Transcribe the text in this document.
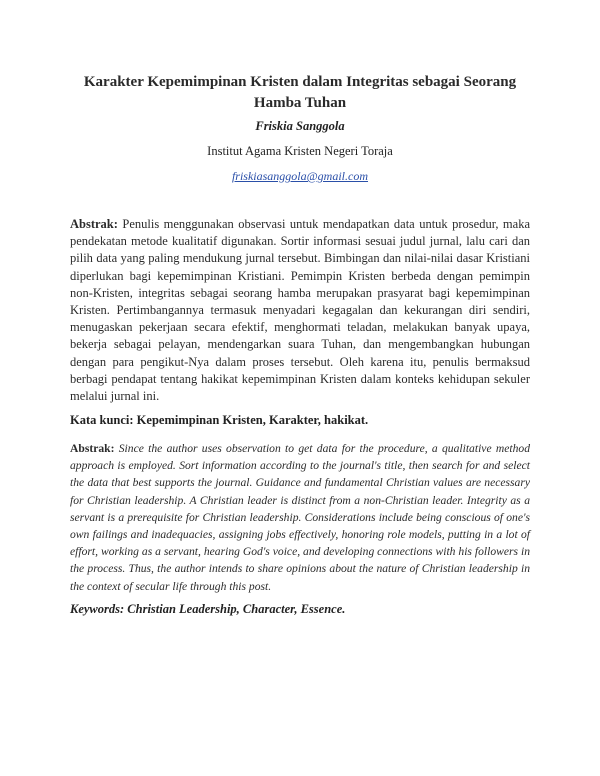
Karakter Kepemimpinan Kristen dalam Integritas sebagai Seorang Hamba Tuhan
Friskia Sanggola
Institut Agama Kristen Negeri Toraja
friskiasanggola@gmail.com
Abstrak: Penulis menggunakan observasi untuk mendapatkan data untuk prosedur, maka pendekatan metode kualitatif digunakan. Sortir informasi sesuai judul jurnal, lalu cari dan pilih data yang paling mendukung jurnal tersebut. Bimbingan dan nilai-nilai dasar Kristiani diperlukan bagi kepemimpinan Kristiani. Pemimpin Kristen berbeda dengan pemimpin non-Kristen, integritas sebagai seorang hamba merupakan prasyarat bagi kepemimpinan Kristen. Pertimbangannya termasuk menyadari kegagalan dan kekurangan diri sendiri, menugaskan pekerjaan secara efektif, menghormati teladan, melakukan banyak upaya, bekerja sebagai pelayan, mendengarkan suara Tuhan, dan mengembangkan hubungan dengan para pengikut-Nya dalam proses tersebut. Oleh karena itu, penulis bermaksud berbagi pendapat tentang hakikat kepemimpinan Kristen dalam konteks kehidupan sekuler melalui jurnal ini.
Kata kunci: Kepemimpinan Kristen, Karakter, hakikat.
Abstrak: Since the author uses observation to get data for the procedure, a qualitative method approach is employed. Sort information according to the journal's title, then search for and select the data that best supports the journal. Guidance and fundamental Christian values are necessary for Christian leadership. A Christian leader is distinct from a non-Christian leader. Integrity as a servant is a prerequisite for Christian leadership. Considerations include being conscious of one's own failings and inadequacies, assigning jobs effectively, honoring role models, putting in a lot of effort, working as a servant, hearing God's voice, and developing connections with his followers in the process. Thus, the author intends to share opinions about the nature of Christian leadership in the context of secular life through this post.
Keywords: Christian Leadership, Character, Essence.
